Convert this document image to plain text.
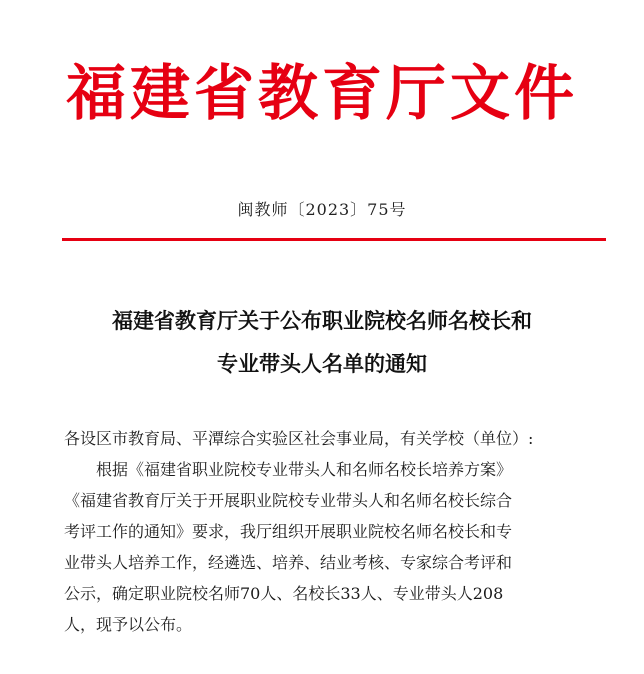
福建省教育厅文件
闽教师〔2023〕75号
福建省教育厅关于公布职业院校名师名校长和
专业带头人名单的通知
各设区市教育局、平潭综合实验区社会事业局，有关学校（单位）:
根据《福建省职业院校专业带头人和名师名校长培养方案》
《福建省教育厅关于开展职业院校专业带头人和名师名校长综合
考评工作的通知》要求，我厅组织开展职业院校名师名校长和专
业带头人培养工作，经遴选、培养、结业考核、专家综合考评和
公示，确定职业院校名师70人、名校长33人、专业带头人208
人，现予以公布。
